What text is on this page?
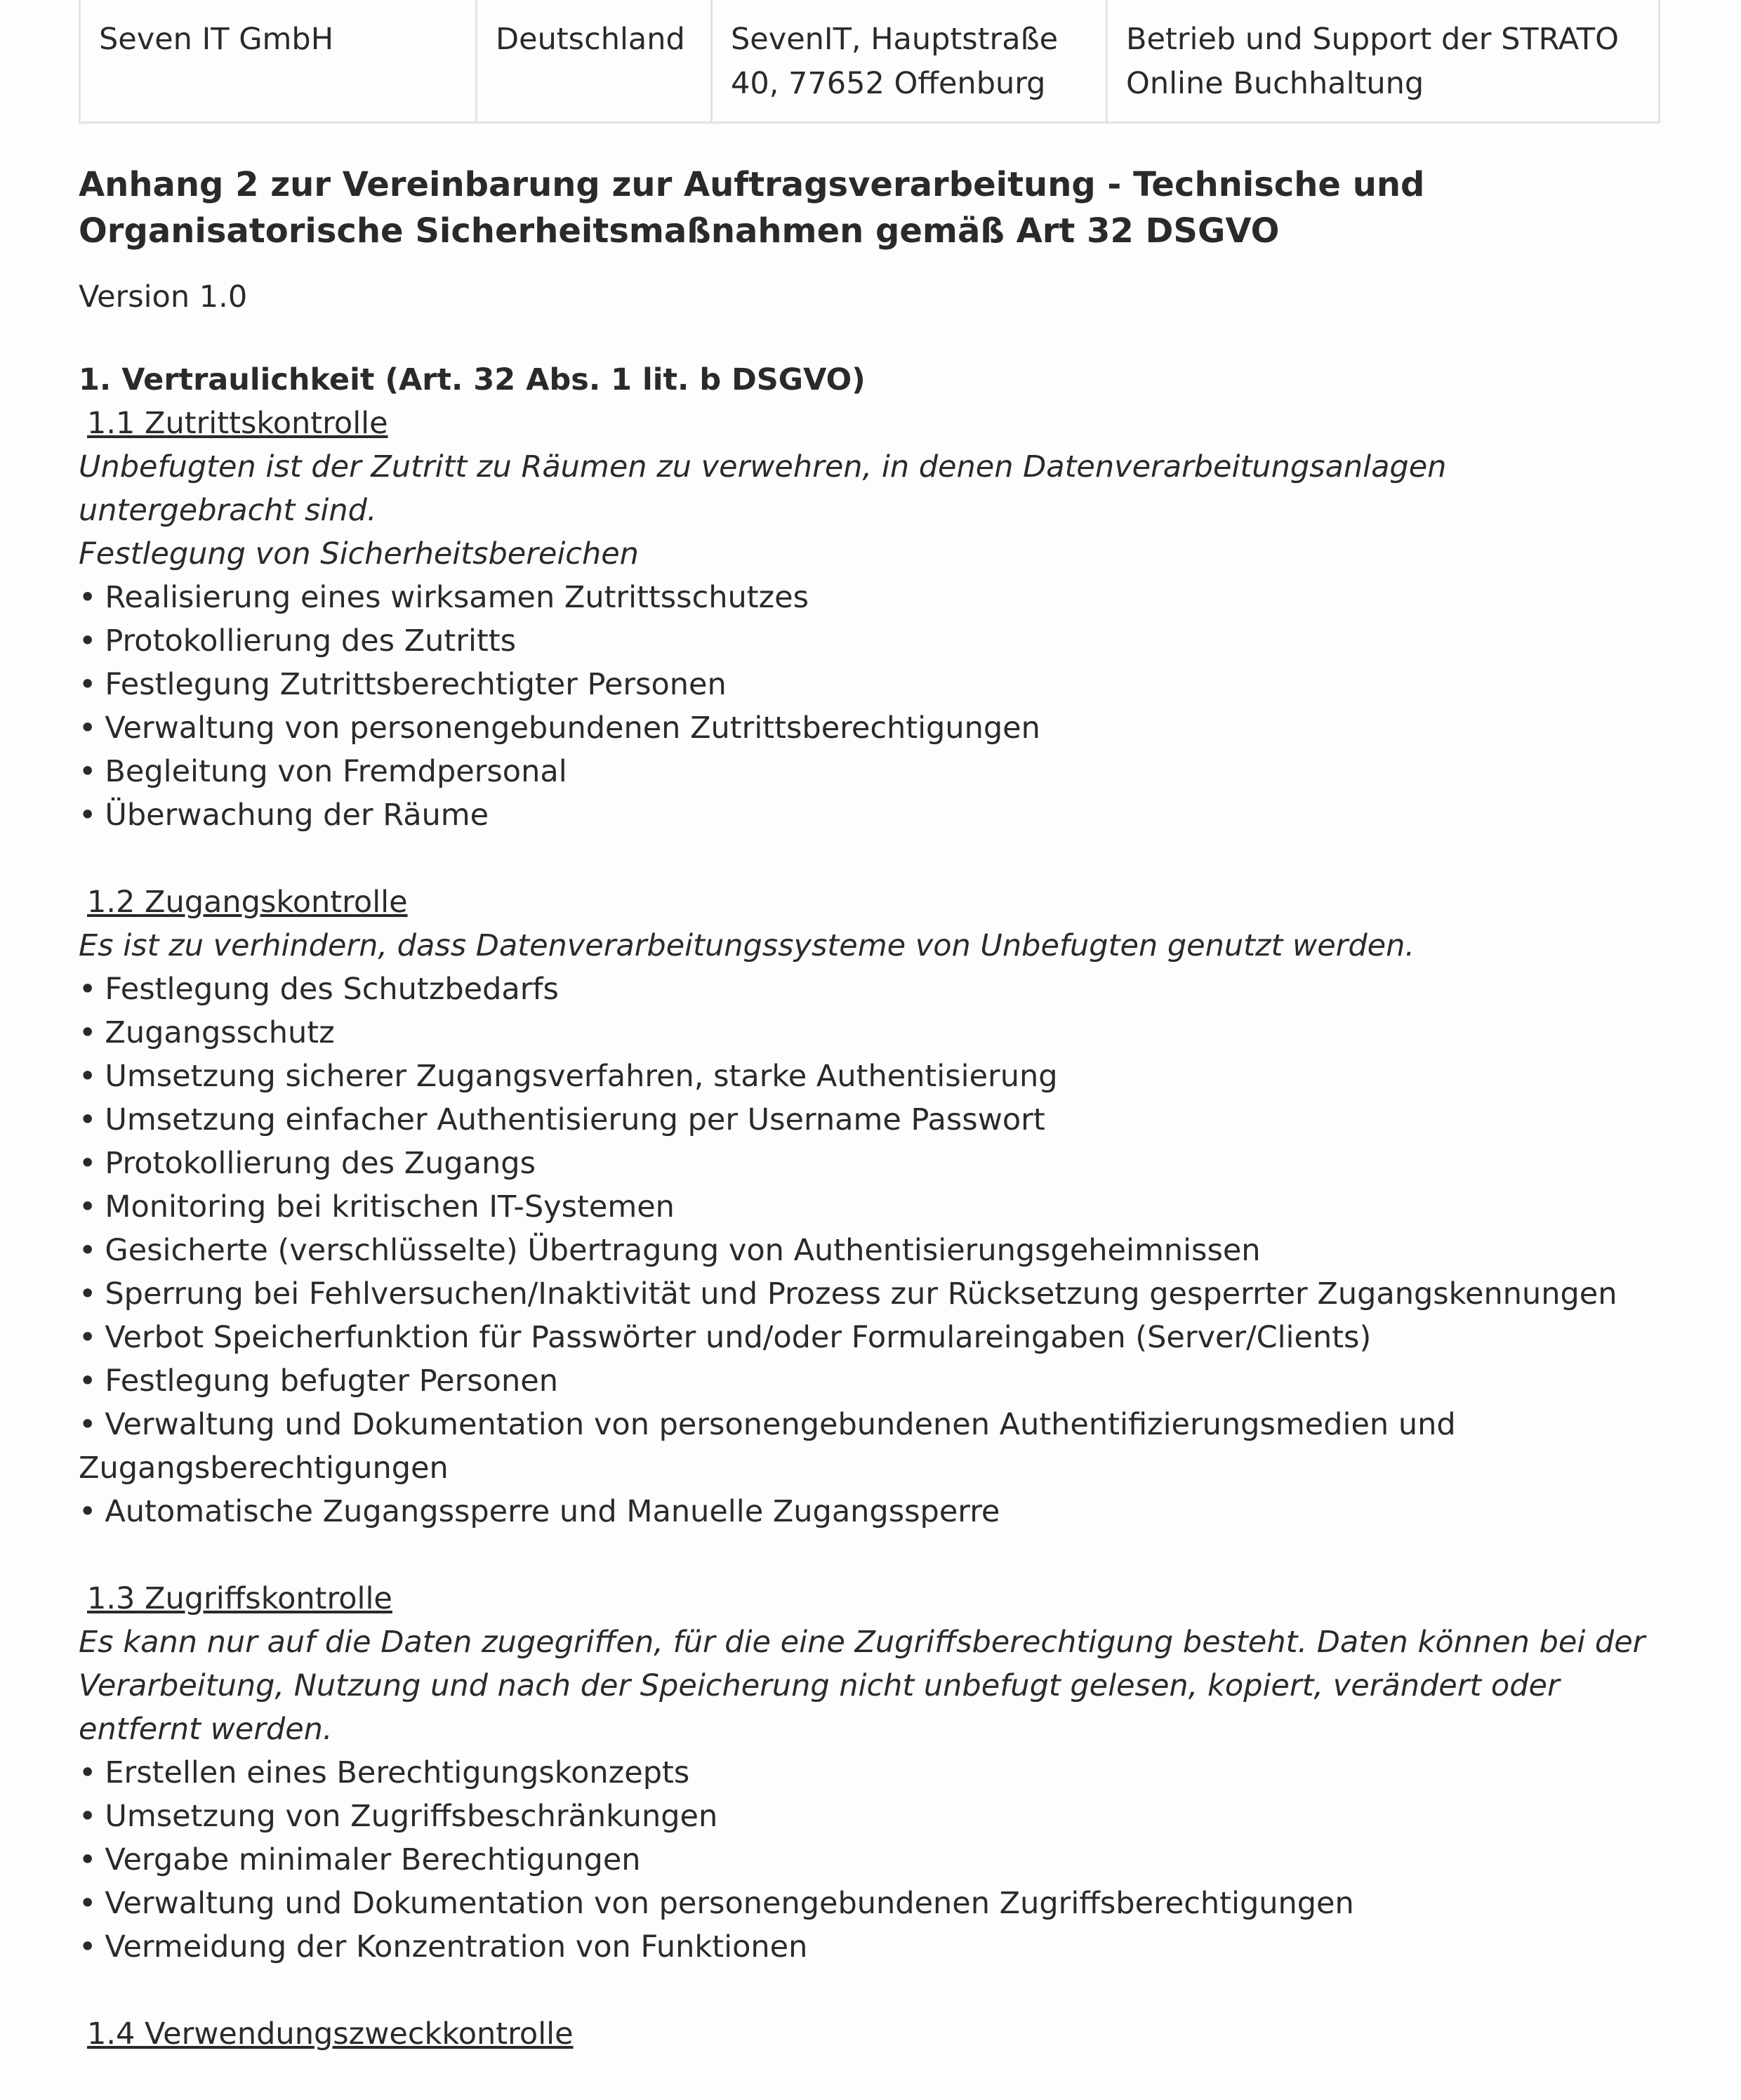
Seven IT GmbH	Deutschland	SevenIT, Hauptstraße 40, 77652 Offenburg	Betrieb und Support der STRATO Online Buchhaltung
Anhang 2 zur Vereinbarung zur Auftragsverarbeitung - Technische und Organisatorische Sicherheitsmaßnahmen gemäß Art 32 DSGVO
Version 1.0
1. Vertraulichkeit (Art. 32 Abs. 1 lit. b DSGVO)
1.1 Zutrittskontrolle
Unbefugten ist der Zutritt zu Räumen zu verwehren, in denen Datenverarbeitungsanlagen untergebracht sind.
Festlegung von Sicherheitsbereichen
• Realisierung eines wirksamen Zutrittsschutzes
• Protokollierung des Zutritts
• Festlegung Zutrittsberechtigter Personen
• Verwaltung von personengebundenen Zutrittsberechtigungen
• Begleitung von Fremdpersonal
• Überwachung der Räume
1.2 Zugangskontrolle
Es ist zu verhindern, dass Datenverarbeitungssysteme von Unbefugten genutzt werden.
• Festlegung des Schutzbedarfs
• Zugangsschutz
• Umsetzung sicherer Zugangsverfahren, starke Authentisierung
• Umsetzung einfacher Authentisierung per Username Passwort
• Protokollierung des Zugangs
• Monitoring bei kritischen IT-Systemen
• Gesicherte (verschlüsselte) Übertragung von Authentisierungsgeheimnissen
• Sperrung bei Fehlversuchen/Inaktivität und Prozess zur Rücksetzung gesperrter Zugangskennungen
• Verbot Speicherfunktion für Passwörter und/oder Formulareingaben (Server/Clients)
• Festlegung befugter Personen
• Verwaltung und Dokumentation von personengebundenen Authentifizierungsmedien und Zugangsberechtigungen
• Automatische Zugangssperre und Manuelle Zugangssperre
1.3 Zugriffskontrolle
Es kann nur auf die Daten zugegriffen, für die eine Zugriffsberechtigung besteht. Daten können bei der Verarbeitung, Nutzung und nach der Speicherung nicht unbefugt gelesen, kopiert, verändert oder entfernt werden.
• Erstellen eines Berechtigungskonzepts
• Umsetzung von Zugriffsbeschränkungen
• Vergabe minimaler Berechtigungen
• Verwaltung und Dokumentation von personengebundenen Zugriffsberechtigungen
• Vermeidung der Konzentration von Funktionen
1.4 Verwendungszweckkontrolle
